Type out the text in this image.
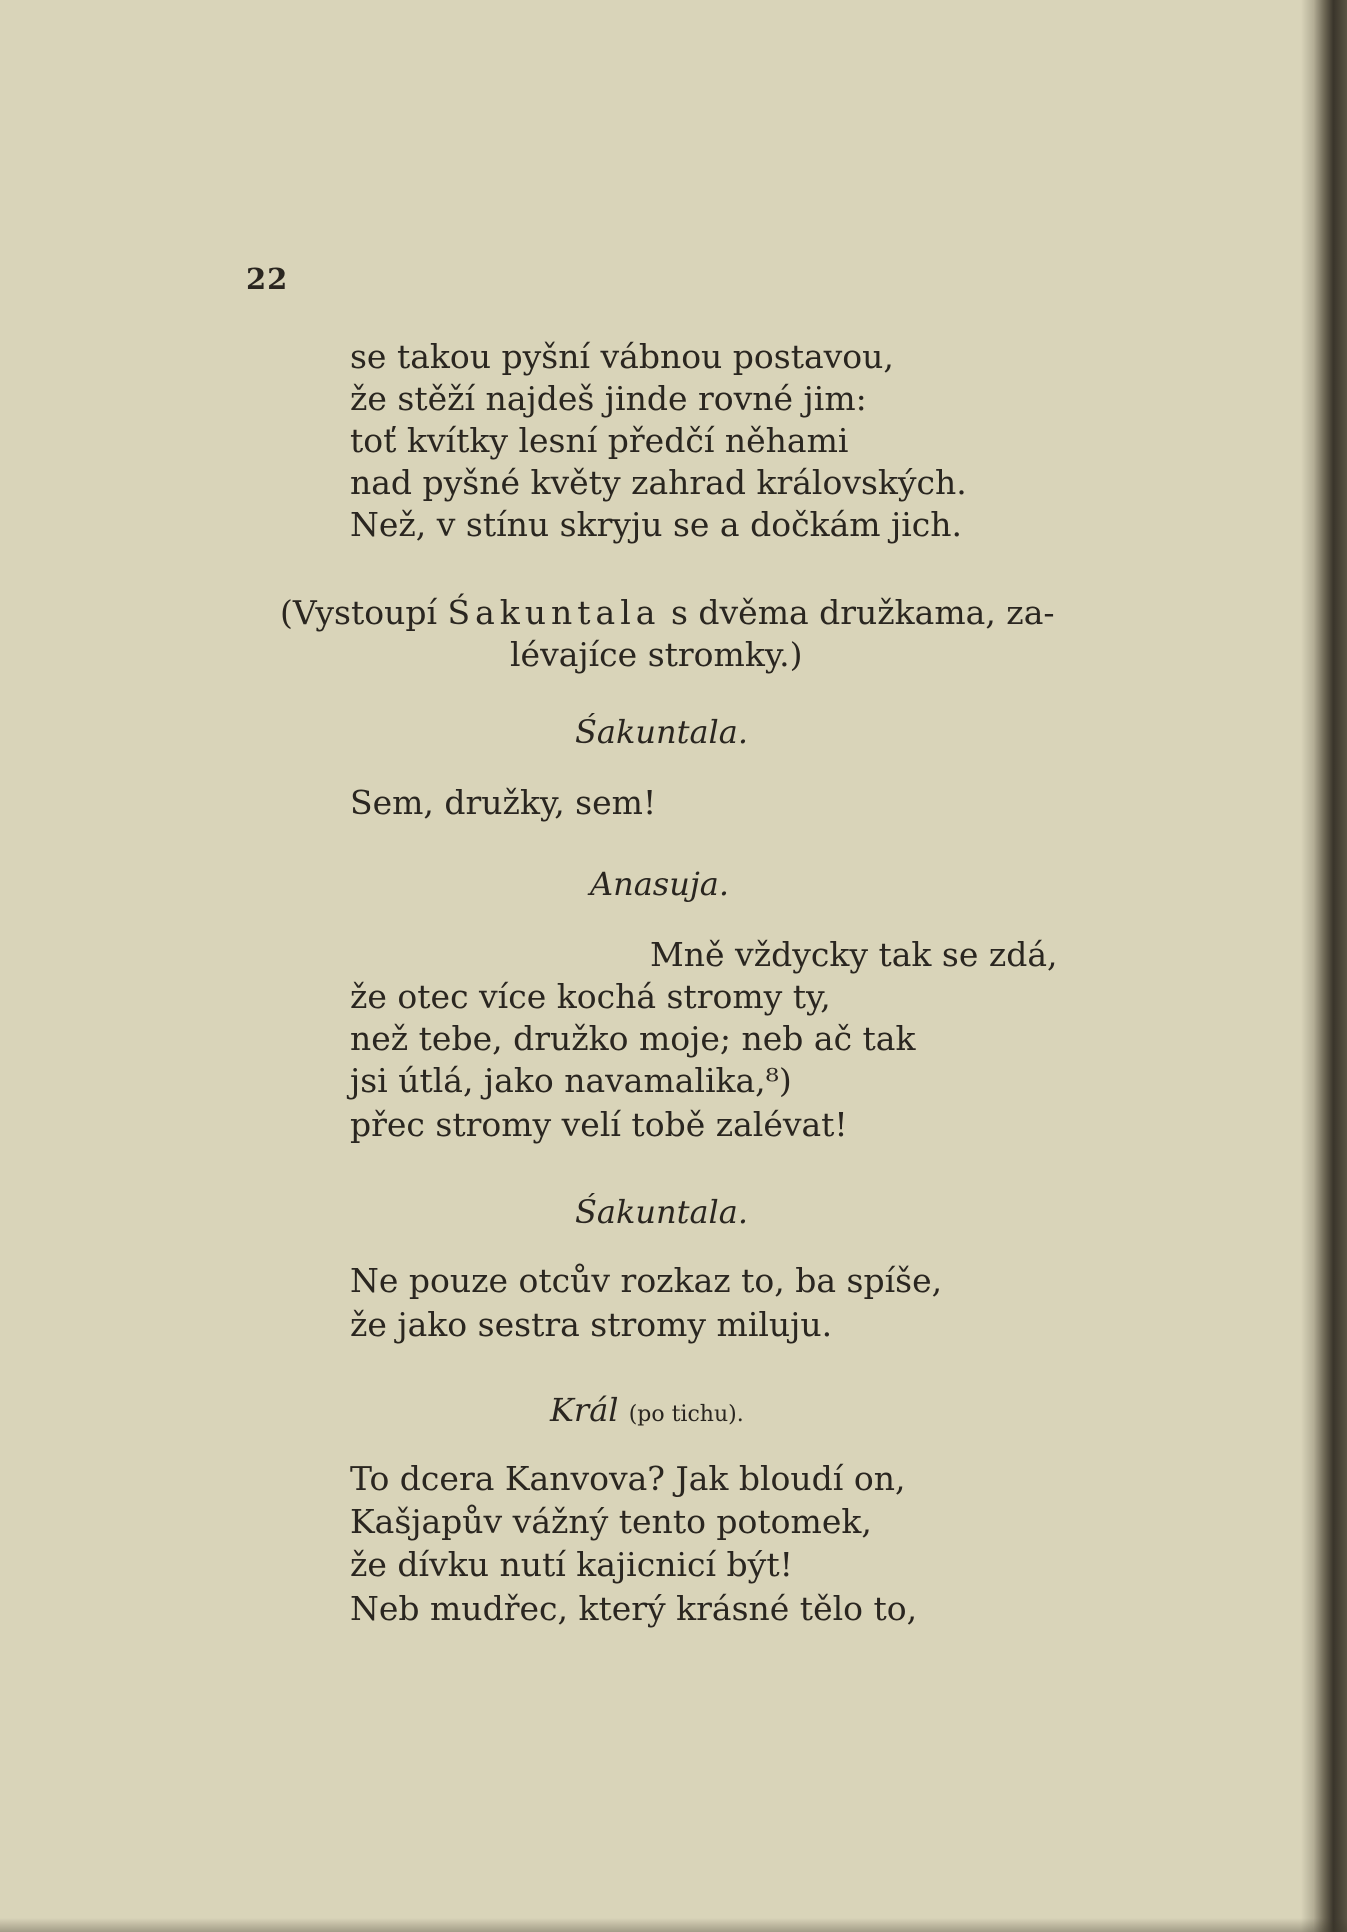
22
se takou pyšní vábnou postavou,
že stěží najdeš jinde rovné jim:
toť kvítky lesní předčí něhami
nad pyšné květy zahrad královských.
Než, v stínu skryju se a dočkám jich.
(Vystoupí Śakuntala s dvěma družkama, za-
lévajíce stromky.)
Śakuntala.
Sem, družky, sem!
Anasuja.
Mně vždycky tak se zdá,
že otec více kochá stromy ty,
než tebe, družko moje; neb ač tak
jsi útlá, jako navamalika,⁸)
přec stromy velí tobě zalévat!
Śakuntala.
Ne pouze otcův rozkaz to, ba spíše,
že jako sestra stromy miluju.
Král (po tichu).
To dcera Kanvova? Jak bloudí on,
Kašjapův vážný tento potomek,
že dívku nutí kajicnicí být!
Neb mudřec, který krásné tělo to,
